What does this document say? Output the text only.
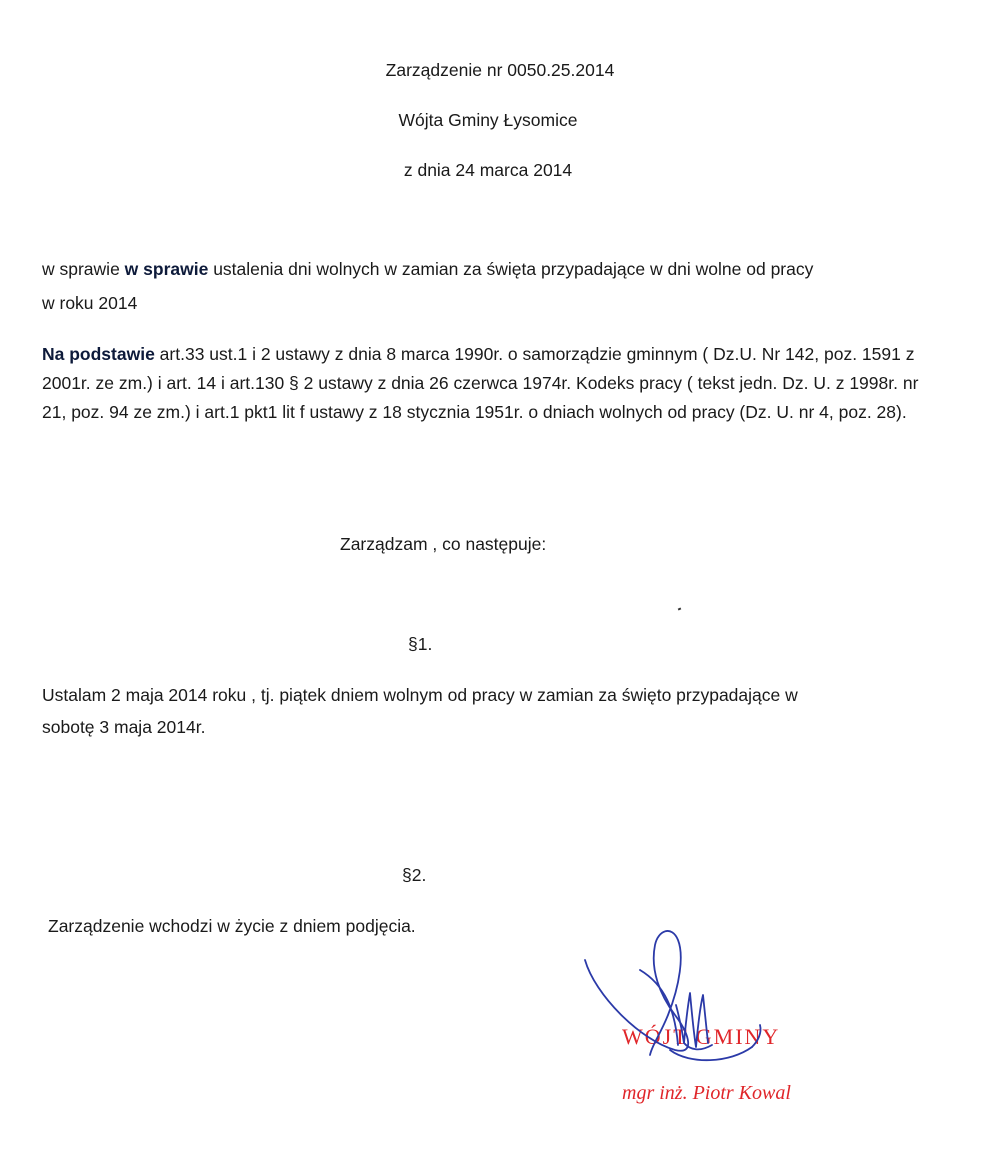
Zarządzenie nr 0050.25.2014
Wójta Gminy Łysomice
z dnia 24 marca 2014
w sprawie w sprawie ustalenia dni wolnych w zamian za święta przypadające w dni wolne od pracy
w roku 2014
Na podstawie art.33 ust.1 i 2 ustawy z dnia 8 marca 1990r. o samorządzie gminnym ( Dz.U. Nr 142, poz. 1591 z 2001r. ze zm.) i art. 14 i art.130 § 2 ustawy z dnia 26 czerwca 1974r. Kodeks pracy ( tekst jedn. Dz. U. z 1998r. nr 21, poz. 94 ze zm.) i art.1 pkt1 lit f ustawy z 18 stycznia 1951r. o dniach wolnych od pracy (Dz. U. nr 4, poz. 28).
Zarządzam , co następuje:
§1.
Ustalam 2 maja 2014 roku , tj. piątek dniem wolnym od pracy w zamian za święto przypadające w
sobotę 3 maja 2014r.
§2.
Zarządzenie wchodzi w życie z dniem podjęcia.
WÓJT GMINY
mgr inż. Piotr Kowal
